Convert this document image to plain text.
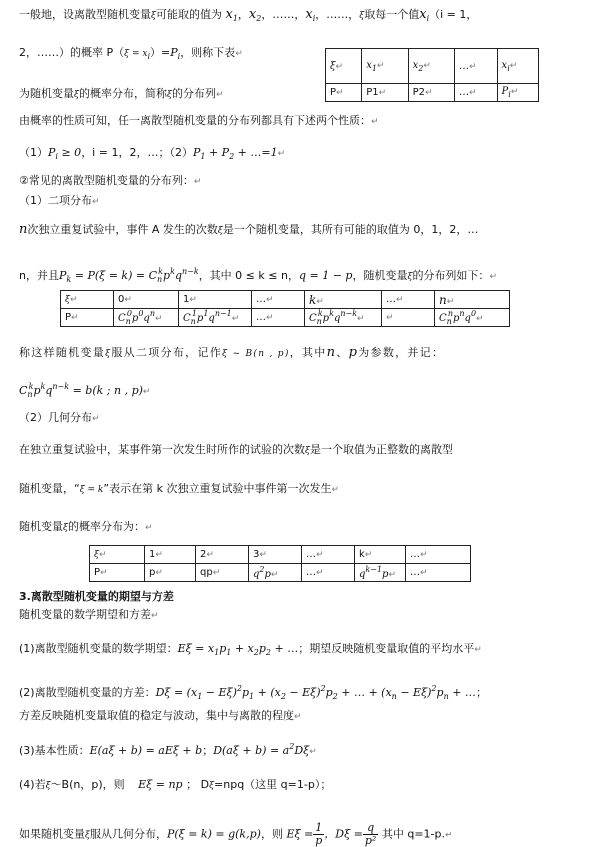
一般地，设离散型随机变量ξ可能取的值为 $x_1$，$x_2$，……，$x_i$，……，ξ取每一个值$x_i(i = 1$，
2，……）的概率 $P(\xi = xi)=P_i$，则称下表↵
ξ↵	$x_1↵$	$x_2↵$	…↵	$x_i↵$
P↵	P1↵	P2↵	…↵	$P_i↵$
为随机变量ξ的概率分布，简称ξ的分布列↵
由概率的性质可知，任一离散型随机变量的分布列都具有下述两个性质：↵
$(1)P_i \ge 0$，i = 1，2，…；$(2)P_1 + P_2$ + …=1↵
②常见的离散型随机变量的分布列：↵
（1）二项分布↵
n次独立重复试验中，事件 A 发生的次数ξ是一个随机变量，其所有可能的取值为 0，1，2，…
n，并且$P_k = P(\xi = k) = C_n^kp^kq^{n-k}$，其中 0 ≤ k ≤ n，q = 1 − p，随机变量ξ的分布列如下：↵
ξ↵	0↵	1↵	…↵	k↵	…↵	n↵
P↵	$C_n^0p^0q^n↵$	$C_n^1p^1q^{n-1}↵$	…↵	$C_n^kp^kq^{n-k}↵$	↵	$C_n^np^nq^0↵$
称这样随机变量ξ服从二项分布，记作ξ ~ B(n , p)，其中n、p为参数，并记：
$C_n^kp^kq^{n-k} = b(k$ ; n , p)↵
（2）几何分布↵
在独立重复试验中，某事件第一次发生时所作的试验的次数ξ是一个取值为正整数的离散型
随机变量，“ξ = k”表示在第 k 次独立重复试验中事件第一次发生↵
随机变量ξ的概率分布为：↵
ξ↵	1↵	2↵	3↵	…↵	k↵	…↵
P↵	p↵	qp↵	$q^2p↵$	…↵	$q^{k-1}p↵$	…↵
3.离散型随机变量的期望与方差
随机变量的数学期望和方差↵
(1)离散型随机变量的数学期望：$E\xi = x_1p_1 + x_2p_2$ + …；期望反映随机变量取值的平均水平↵
(2)离散型随机变量的方差：$D\xi = (x_1 - E\xi)^2p_1 + (x_2 - E\xi)^2p_2$ + … + $(x_n - E\xi)^2p_n$ + …；
方差反映随机变量取值的稳定与波动，集中与离散的程度↵
(3)基本性质：E(aξ + b) = aEξ + b；$D(a\xi + b) = a^2D\xi↵$
(4)若ξ～B(n，p)，则 Eξ = np ； Dξ=npq（这里 q=1-p）；
如果随机变量ξ服从几何分布，P(ξ = k) = g(k,p)，则 $E\xi = \frac{1}{p}$ ，$D\xi = \frac{q}{\text{p²}}$ 其中 q=1-p.↵
